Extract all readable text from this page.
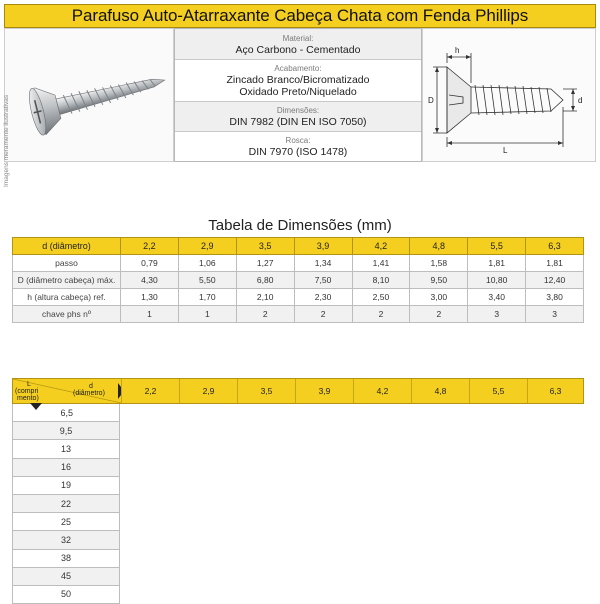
Parafuso Auto-Atarraxante Cabeça Chata com Fenda Phillips
Imagens meramente ilustrativas
Material:
Aço Carbono - Cementado
Acabamento:
Zincado Branco/Bicromatizado
Oxidado Preto/Niquelado
Dimensões:
DIN 7982 (DIN EN ISO 7050)
Rosca:
DIN 7970 (ISO 1478)
D
h
d
L
Tabela de Dimensões (mm)
d (diâmetro)	2,2	2,9	3,5	3,9	4,2	4,8	5,5	6,3
passo	0,79	1,06	1,27	1,34	1,41	1,58	1,81	1,81
D (diâmetro cabeça) máx.	4,30	5,50	6,80	7,50	8,10	9,50	10,80	12,40
h (altura cabeça) ref.	1,30	1,70	2,10	2,30	2,50	3,00	3,40	3,80
chave phs nº	1	1	2	2	2	2	3	3
L
(compri
mento)
d
(diâmetro)	2,2	2,9	3,5	3,9	4,2	4,8	5,5	6,3
6,5
9,5
13
16
19
22
25
32
38
45
50
